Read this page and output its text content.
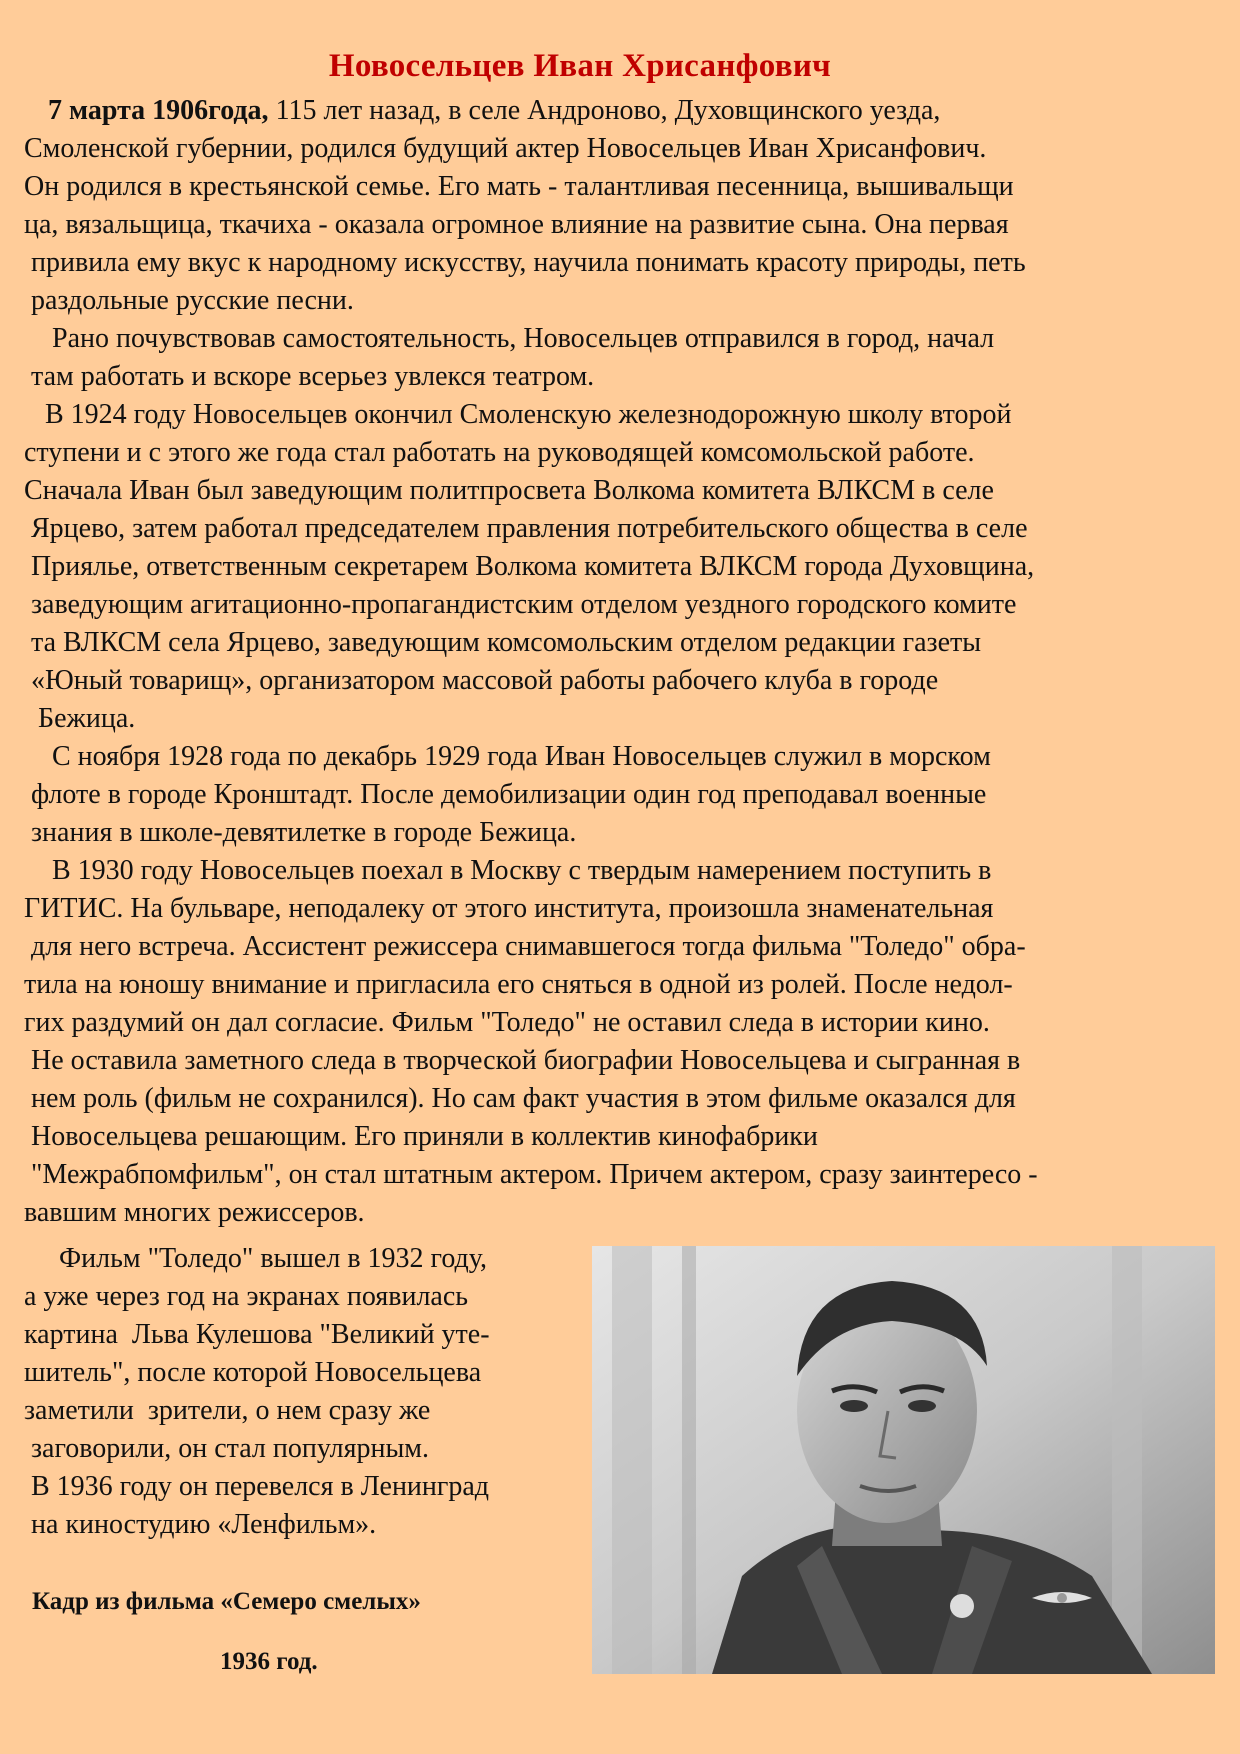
Новосельцев Иван Хрисанфович
7 марта 1906года, 115 лет назад, в селе Андроново, Духовщинского уезда,
Смоленской губернии, родился будущий актер Новосельцев Иван Хрисанфович.
Он родился в крестьянской семье. Его мать - талантливая песенница, вышивальщи
ца, вязальщица, ткачиха - оказала огромное влияние на развитие сына. Она первая
привила ему вкус к народному искусству, научила понимать красоту природы, петь
раздольные русские песни.
Рано почувствовав самостоятельность, Новосельцев отправился в город, начал
там работать и вскоре всерьез увлекся театром.
В 1924 году Новосельцев окончил Смоленскую железнодорожную школу второй
ступени и с этого же года стал работать на руководящей комсомольской работе.
Сначала Иван был заведующим политпросвета Волкома комитета ВЛКСМ в селе
Ярцево, затем работал председателем правления потребительского общества в селе
Приялье, ответственным секретарем Волкома комитета ВЛКСМ города Духовщина,
заведующим агитационно-пропагандистским отделом уездного городского комите
та ВЛКСМ села Ярцево, заведующим комсомольским отделом редакции газеты
«Юный товарищ», организатором массовой работы рабочего клуба в городе
Бежица.
С ноября 1928 года по декабрь 1929 года Иван Новосельцев служил в морском
флоте в городе Кронштадт. После демобилизации один год преподавал военные
знания в школе-девятилетке в городе Бежица.
В 1930 году Новосельцев поехал в Москву с твердым намерением поступить в
ГИТИС. На бульваре, неподалеку от этого института, произошла знаменательная
для него встреча. Ассистент режиссера снимавшегося тогда фильма "Толедо" обра-
тила на юношу внимание и пригласила его сняться в одной из ролей. После недол-
гих раздумий он дал согласие. Фильм "Толедо" не оставил следа в истории кино.
Не оставила заметного следа в творческой биографии Новосельцева и сыгранная в
нем роль (фильм не сохранился). Но сам факт участия в этом фильме оказался для
Новосельцева решающим. Его приняли в коллектив кинофабрики
"Межрабпомфильм", он стал штатным актером. Причем актером, сразу заинтересо -
вавшим многих режиссеров.
Фильм "Толедо" вышел в 1932 году,
а уже через год на экранах появилась
картина  Льва Кулешова "Великий уте-
шитель", после которой Новосельцева
заметили  зрители, о нем сразу же
заговорили, он стал популярным.
В 1936 году он перевелся в Ленинград
на киностудию «Ленфильм».
Кадр из фильма «Семеро смелых»
1936 год.
